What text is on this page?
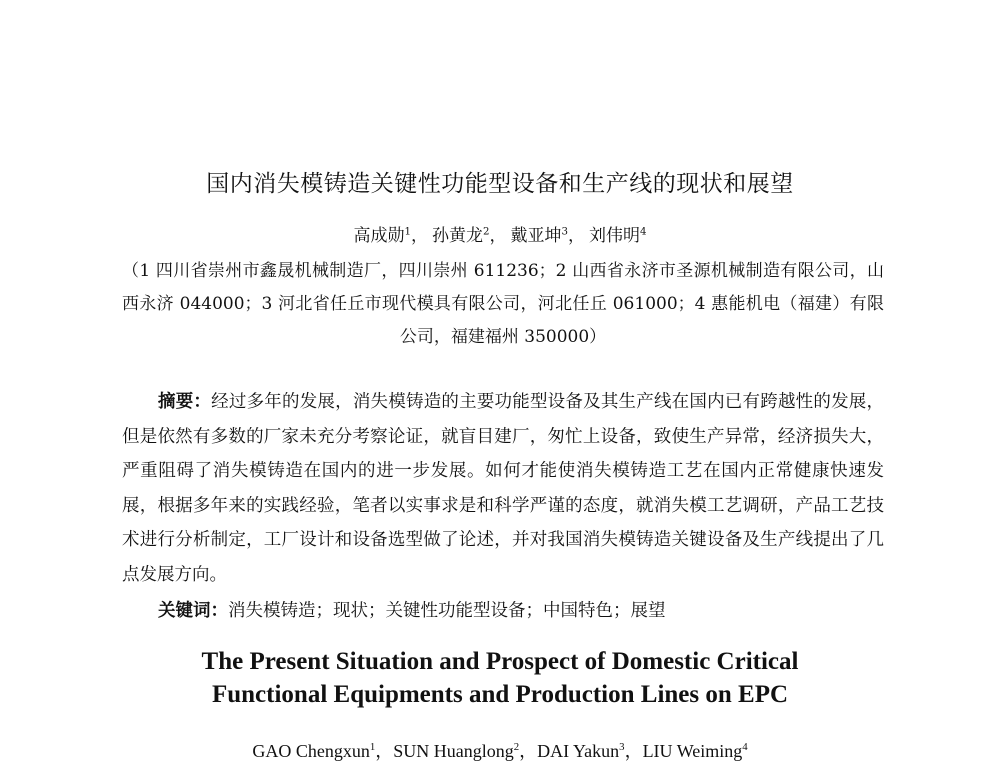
国内消失模铸造关键性功能型设备和生产线的现状和展望
高成勋$^1$， 孙黄龙$^2$， 戴亚坤$^3$， 刘伟明$^4$
（1 四川省崇州市鑫晟机械制造厂，四川崇州 611236；2 山西省永济市圣源机械制造有限公司，山西永济 044000；3 河北省任丘市现代模具有限公司，河北任丘 061000；4 惠能机电（福建）有限公司，福建福州 350000）
摘要：经过多年的发展，消失模铸造的主要功能型设备及其生产线在国内已有跨越性的发展，但是依然有多数的厂家未充分考察论证，就盲目建厂，匆忙上设备，致使生产异常，经济损失大，严重阻碍了消失模铸造在国内的进一步发展。如何才能使消失模铸造工艺在国内正常健康快速发展，根据多年来的实践经验，笔者以实事求是和科学严谨的态度，就消失模工艺调研，产品工艺技术进行分析制定，工厂设计和设备选型做了论述，并对我国消失模铸造关键设备及生产线提出了几点发展方向。
关键词：消失模铸造；现状；关键性功能型设备；中国特色；展望
The Present Situation and Prospect of Domestic Critical
Functional Equipments and Production Lines on EPC
GAO Chengxun$^1$，SUN Huanglong$^2$，DAI Yakun$^3$，LIU Weiming$^4$
